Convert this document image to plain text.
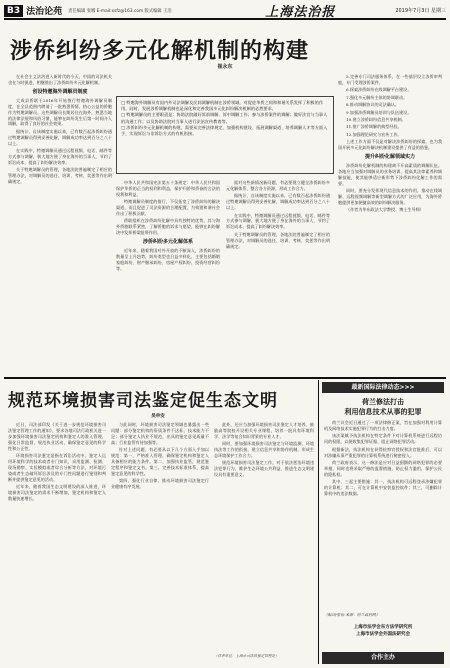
B3 法治论苑 责任编辑 张娜 E-mail:xsfz@163.com 版式编辑 王浩	上海法治报	2019年7月3日 星期三
涉侨纠纷多元化解机制的构建
崔永东

在社会主义法治进入新时代的今天，中国的司法机关也在与时俱进，相继推出了涉侨纠纷多元化解机制。

创设特邀海外调解员制度

大成县侨联于2016年开始推行特邀海外调解员制度，在全县范围内聘请了一批熟悉侨情、热心公益的侨胞作为特邀调解员。这些调解员长期居住在海外，熟悉当地的法律法规和风俗习惯，能够在纠纷发生后第一时间介入调解，取得了良好的社会效果。

据统计，自该制度实施以来，已有数百起涉侨纠纷通过特邀调解员得到妥善化解，调解成功率达到百分之八十以上。

在实践中，特邀调解员通过远程视频、电话、邮件等方式参与调解，极大地方便了身在海外的当事人，节约了诉讼成本，提高了纠纷解决效率。

关于特邀调解员的管理，各地法院普遍制定了相应的管理办法，对调解员的选任、培训、考核、奖惩等作出明确规定。

□ 特邀海外调解员有国内外司法调解及民间调解机制在涉侨领域，对促进华侨之间和和谐关系发挥了积极的作用。同时，发展涉侨调解机制也是深化和完善我国多元化纠纷解决机制的必然要求。

□ 特邀调解员的主要职责是：协助法院做好诉前调解、诉中调解工作；参与涉侨案件的调解；做好法官与当事人的沟通工作；以及协助法院对当事人进行法治宣传教育等。

□ 涉侨纠纷多元化解机制的构建，需要从完善法律规定、加强机构建设、拓展调解渠道、培养调解人才等方面入手，实现诉讼与非诉讼方式的有机衔接。

中华人民共和国宪法第五十条规定：中华人民共和国保护华侨的正当的权利和利益，保护归侨和侨眷的合法的权利和利益。

特邀调解员制度的推行，不仅拓宽了涉侨纠纷的解决渠道，而且促进了司法资源的合理配置，为构建和谐社会作出了积极贡献。

侨联组织在涉侨纠纷化解中具有独特的优势，其与海外侨胞联系紧密，了解侨胞的诉求与愿望，能够在纠纷解决中发挥桥梁纽带作用。

涉侨纠纷多元化解体系

近年来，随着我国对外开放的不断深入，涉侨纠纷的数量呈上升趋势，纠纷类型也日益多样化，主要包括婚姻家庭纠纷、财产继承纠纷、房屋产权纠纷、投资经营纠纷等。

面对这些新情况新问题，有必要建立健全涉侨纠纷多元化解体系，整合各方资源，形成工作合力。

据统计，自该制度实施以来，已有数百起涉侨纠纷通过特邀调解员得到妥善化解，调解成功率达到百分之八十以上。

在实践中，特邀调解员通过远程视频、电话、邮件等方式参与调解，极大地方便了身在海外的当事人，节约了诉讼成本，提高了纠纷解决效率。

关于特邀调解员的管理，各地法院普遍制定了相应的管理办法，对调解员的选任、培训、考核、奖惩等作出明确规定。

5.完善专门司法服务体系，在一些基层设立涉侨审判庭，专门受理涉侨案件。

6.探索涉侨纠纷在线调解平台建设。

7.强化多元解纷主体的协调联动。

8.推动调解协议的司法确认。

9.加强涉侨调解员培训与队伍建设。

10.建立涉侨纠纷信息共享机制。

11.推广涉侨调解的典型经验。

12.加强理论研究与宣传工作。

上述工作方面不仅是对解决涉侨纠纷的探索，也为我国开展多元化纠纷解决机制建设提供了有益的借鉴。

提升纠纷化解领域实力

涉侨纠纷化解机制的构建离不开高素质的调解队伍。各地应当加强对调解员的业务培训，提高其法律素养和调解技能，使其能够适应新形势下涉侨纠纷化解工作的需要。

同时，要充分发挥现代信息技术的作用，推动在线调解、远程视频调解等新型调解方式的广泛应用，为海外侨胞提供更加便捷高效的纠纷解决服务。

（作者为华东政法大学教授、博士生导师）

规范环境损害司法鉴定促生态文明
吴申安

近日，司法部印发《关于进一步规范环境损害司法鉴定管理工作的通知》，要求各地司法行政机关进一步加强环境损害司法鉴定机构和鉴定人的准入管理，强化日常监督，规范执业活动，确保鉴定意见的科学性和公正性。

环境损害司法鉴定是指在诉讼活动中，鉴定人运用环境科学的技术或者专门知识，采用监测、检测、现场勘察、实验模拟或者综合分析等方法，对环境污染或者生态破坏诉讼涉及的专门性问题进行鉴别和判断并提供鉴定意见的活动。

近年来，随着我国生态文明建设的深入推进，环境损害司法鉴定的需求不断增加，鉴定机构和鉴定人数量快速增长。

与此同时，环境损害司法鉴定领域也暴露出一些问题：部分鉴定机构的资质条件不达标，技术能力不足；部分鉴定人执业不规范，出具的鉴定意见质量不高；行业监管有待加强等。

针对上述问题，有必要从以下几个方面入手加以规范：第一，严格准入管理，确保鉴定机构和鉴定人具备相应的能力条件。第二，加强执业监管，规范鉴定程序和鉴定文书。第三，完善技术标准体系，提高鉴定意见的科学性。

第四，强化行业自律，推动环境损害司法鉴定行业健康有序发展。

此外，还应当加强环境损害司法鉴定人才培养，鼓励高等院校开设相关专业课程，培养一批具有环境科学、法学等复合知识背景的专业人才。

同时，要加强环境损害司法鉴定与环境监测、环境执法等工作的衔接，建立信息共享和协作机制，形成生态环境保护工作合力。

规范环境损害司法鉴定工作，对于依法惩治环境违法犯罪行为、维护生态环境公共利益、推进生态文明建设具有重要意义。

（作者单位：上海市司法局鉴定管理处）
最新国际法律动态>>>
荷兰修法打击
利用信息技术从事的犯罪

荷兰议会近日通过了一项法律修正案，旨在加强对利用计算机及网络技术实施犯罪行为的打击力度。

该法案赋予执法机构在特定条件下对计算机系统进行远程访问的权限，以便收集犯罪证据、阻止网络犯罪活动。

根据新法，执法机构在获得检察官授权和法官批准后，可以对涉嫌从事严重犯罪的计算机系统进行秘密侵入。

荷兰政府表示，这一修法是应对日益猖獗的网络犯罪的必要举措，同时也将采取严格的监督措施，防止权力滥用，保护公民的隐私权。

其中，三起主要措施：其一，执法机构可远程登录涉嫌犯罪的计算机；其二，可在计算机中安装监控软件；其三，可删除计算机中的违法数据。

（编译/张怡 来源：荷兰政府网）
上海市法学会东方法学研究所
上海市法学会外国法研究会
合作主办
